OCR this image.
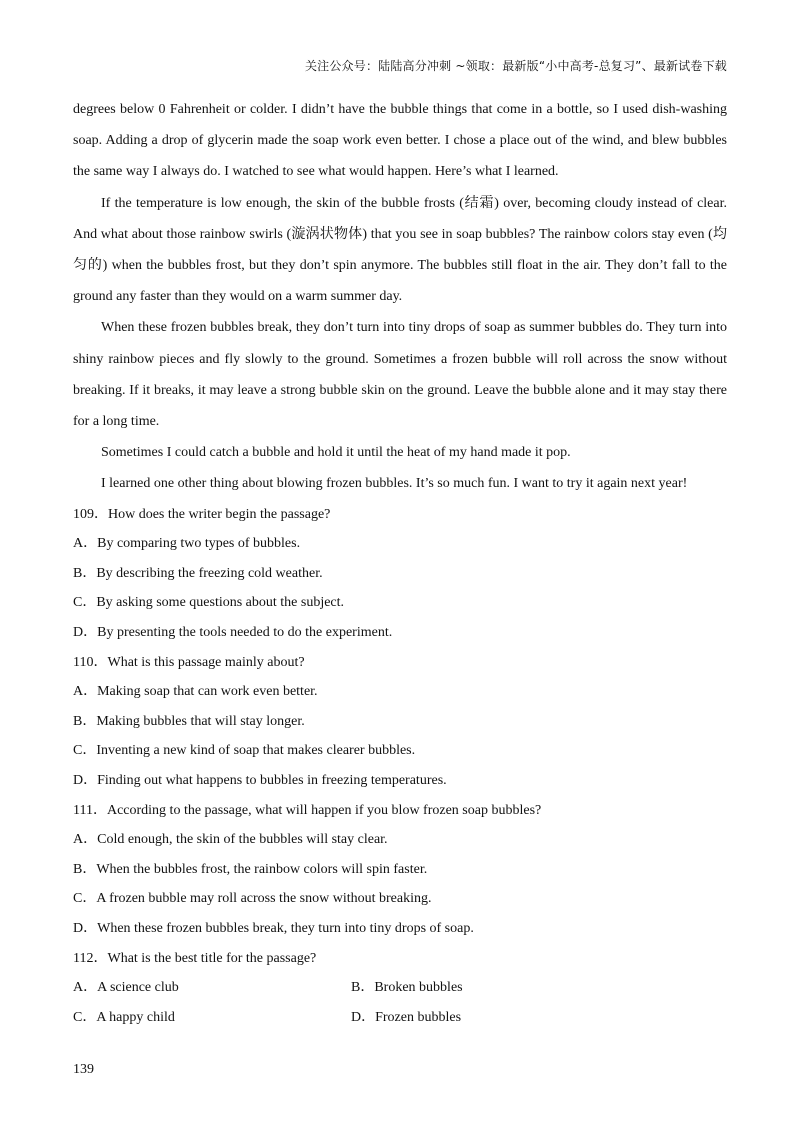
关注公众号：陆陆高分冲刺 ~领取：最新版“小中高考-总复习”、最新试卷下载

degrees below 0 Fahrenheit or colder. I didn’t have the bubble things that come in a bottle, so I used dish-washing soap. Adding a drop of glycerin made the soap work even better. I chose a place out of the wind, and blew bubbles the same way I always do. I watched to see what would happen. Here’s what I learned.

If the temperature is low enough, the skin of the bubble frosts (结霜) over, becoming cloudy instead of clear. And what about those rainbow swirls (漩涡状物体) that you see in soap bubbles? The rainbow colors stay even (均匀的) when the bubbles frost, but they don’t spin anymore. The bubbles still float in the air. They don’t fall to the ground any faster than they would on a warm summer day.

When these frozen bubbles break, they don’t turn into tiny drops of soap as summer bubbles do. They turn into shiny rainbow pieces and fly slowly to the ground. Sometimes a frozen bubble will roll across the snow without breaking. If it breaks, it may leave a strong bubble skin on the ground. Leave the bubble alone and it may stay there for a long time.

Sometimes I could catch a bubble and hold it until the heat of my hand made it pop.

I learned one other thing about blowing frozen bubbles. It’s so much fun. I want to try it again next year!

109．How does the writer begin the passage?

A．By comparing two types of bubbles.

B．By describing the freezing cold weather.

C．By asking some questions about the subject.

D．By presenting the tools needed to do the experiment.

110．What is this passage mainly about?

A．Making soap that can work even better.

B．Making bubbles that will stay longer.

C．Inventing a new kind of soap that makes clearer bubbles.

D．Finding out what happens to bubbles in freezing temperatures.

111．According to the passage, what will happen if you blow frozen soap bubbles?

A．Cold enough, the skin of the bubbles will stay clear.

B．When the bubbles frost, the rainbow colors will spin faster.

C．A frozen bubble may roll across the snow without breaking.

D．When these frozen bubbles break, they turn into tiny drops of soap.

112．What is the best title for the passage?

A．A science club	B．Broken bubbles
C．A happy child	D．Frozen bubbles
139
